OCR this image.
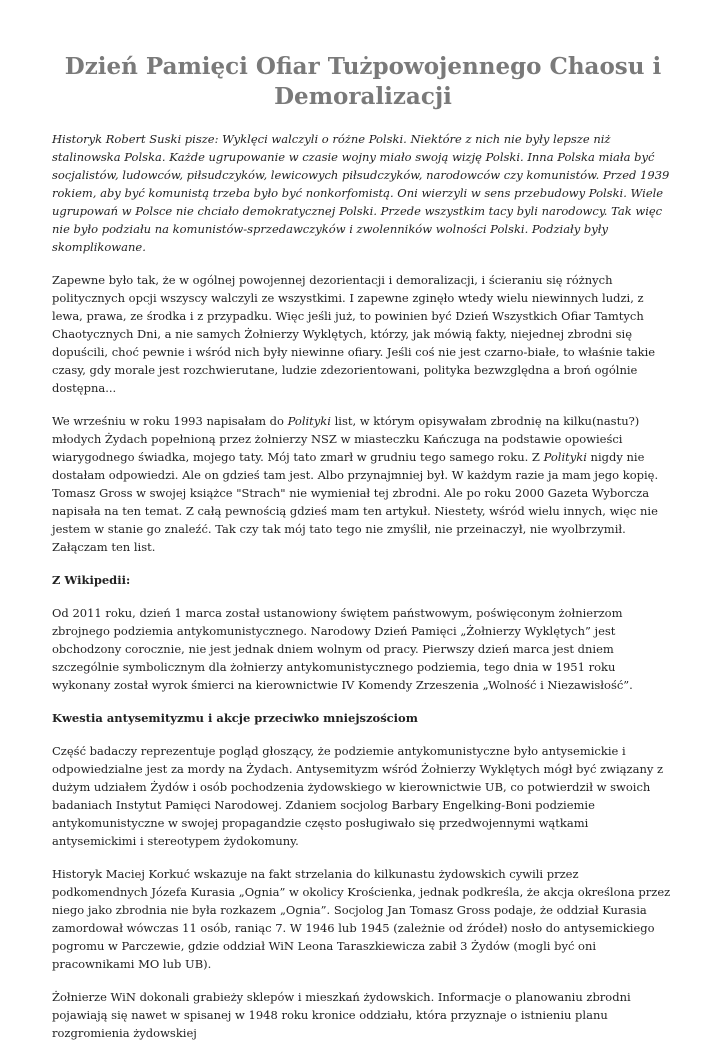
Dzień Pamięci Ofiar Tużpowojennego Chaosu i Demoralizacji

Historyk Robert Suski pisze: Wyklęci walczyli o różne Polski. Niektóre z nich nie były lepsze niż stalinowska Polska. Każde ugrupowanie w czasie wojny miało swoją wizję Polski. Inna Polska miała być socjalistów, ludowców, piłsudczyków, lewicowych piłsudczyków, narodowców czy komunistów. Przed 1939 rokiem, aby być komunistą trzeba było być nonkorfomistą. Oni wierzyli w sens przebudowy Polski. Wiele ugrupowań w Polsce nie chciało demokratycznej Polski. Przede wszystkim tacy byli narodowcy. Tak więc nie było podziału na komunistów-sprzedawczyków i zwolenników wolności Polski. Podziały były skomplikowane.

Zapewne było tak, że w ogólnej powojennej dezorientacji i demoralizacji, i ścieraniu się różnych politycznych opcji wszyscy walczyli ze wszystkimi. I zapewne zginęło wtedy wielu niewinnych ludzi, z lewa, prawa, ze środka i z przypadku. Więc jeśli już, to powinien być Dzień Wszystkich Ofiar Tamtych Chaotycznych Dni, a nie samych Żołnierzy Wyklętych, którzy, jak mówią fakty, niejednej zbrodni się dopuścili, choć pewnie i wśród nich były niewinne ofiary. Jeśli coś nie jest czarno-białe, to właśnie takie czasy, gdy morale jest rozchwierutane, ludzie zdezorientowani, polityka bezwzględna a broń ogólnie dostępna...

We wrześniu w roku 1993 napisałam do Polityki list, w którym opisywałam zbrodnię na kilku(nastu?) młodych Żydach popełnioną przez żołnierzy NSZ w miasteczku Kańczuga na podstawie opowieści wiarygodnego świadka, mojego taty. Mój tato zmarł w grudniu tego samego roku. Z Polityki nigdy nie dostałam odpowiedzi. Ale on gdzieś tam jest. Albo przynajmniej był. W każdym razie ja mam jego kopię. Tomasz Gross w swojej książce "Strach" nie wymieniał tej zbrodni. Ale po roku 2000 Gazeta Wyborcza napisała na ten temat. Z całą pewnością gdzieś mam ten artykuł. Niestety, wśród wielu innych, więc nie jestem w stanie go znaleźć. Tak czy tak mój tato tego nie zmyślił, nie przeinaczył, nie wyolbrzymił. Załączam ten list.

Z Wikipedii:

Od 2011 roku, dzień 1 marca został ustanowiony świętem państwowym, poświęconym żołnierzom zbrojnego podziemia antykomunistycznego. Narodowy Dzień Pamięci „Żołnierzy Wyklętych” jest obchodzony corocznie, nie jest jednak dniem wolnym od pracy. Pierwszy dzień marca jest dniem szczególnie symbolicznym dla żołnierzy antykomunistycznego podziemia, tego dnia w 1951 roku wykonany został wyrok śmierci na kierownictwie IV Komendy Zrzeszenia „Wolność i Niezawisłość”.

Kwestia antysemityzmu i akcje przeciwko mniejszościom

Część badaczy reprezentuje pogląd głoszący, że podziemie antykomunistyczne było antysemickie i odpowiedzialne jest za mordy na Żydach. Antysemityzm wśród Żołnierzy Wyklętych mógł być związany z dużym udziałem Żydów i osób pochodzenia żydowskiego w kierownictwie UB, co potwierdził w swoich badaniach Instytut Pamięci Narodowej. Zdaniem socjolog Barbary Engelking-Boni podziemie antykomunistyczne w swojej propagandzie często posługiwało się przedwojennymi wątkami antysemickimi i stereotypem żydokomuny.

Historyk Maciej Korkuć wskazuje na fakt strzelania do kilkunastu żydowskich cywili przez podkomendnych Józefa Kurasia „Ognia” w okolicy Krościenka, jednak podkreśla, że akcja określona przez niego jako zbrodnia nie była rozkazem „Ognia”. Socjolog Jan Tomasz Gross podaje, że oddział Kurasia zamordował wówczas 11 osób, raniąc 7. W 1946 lub 1945 (zależnie od źródeł) nosło do antysemickiego pogromu w Parczewie, gdzie oddział WiN Leona Taraszkiewicza zabił 3 Żydów (mogli być oni pracownikami MO lub UB).

Żołnierze WiN dokonali grabieży sklepów i mieszkań żydowskich. Informacje o planowaniu zbrodni pojawiają się nawet w spisanej w 1948 roku kronice oddziału, która przyznaje o istnieniu planu rozgromienia żydowskiej
